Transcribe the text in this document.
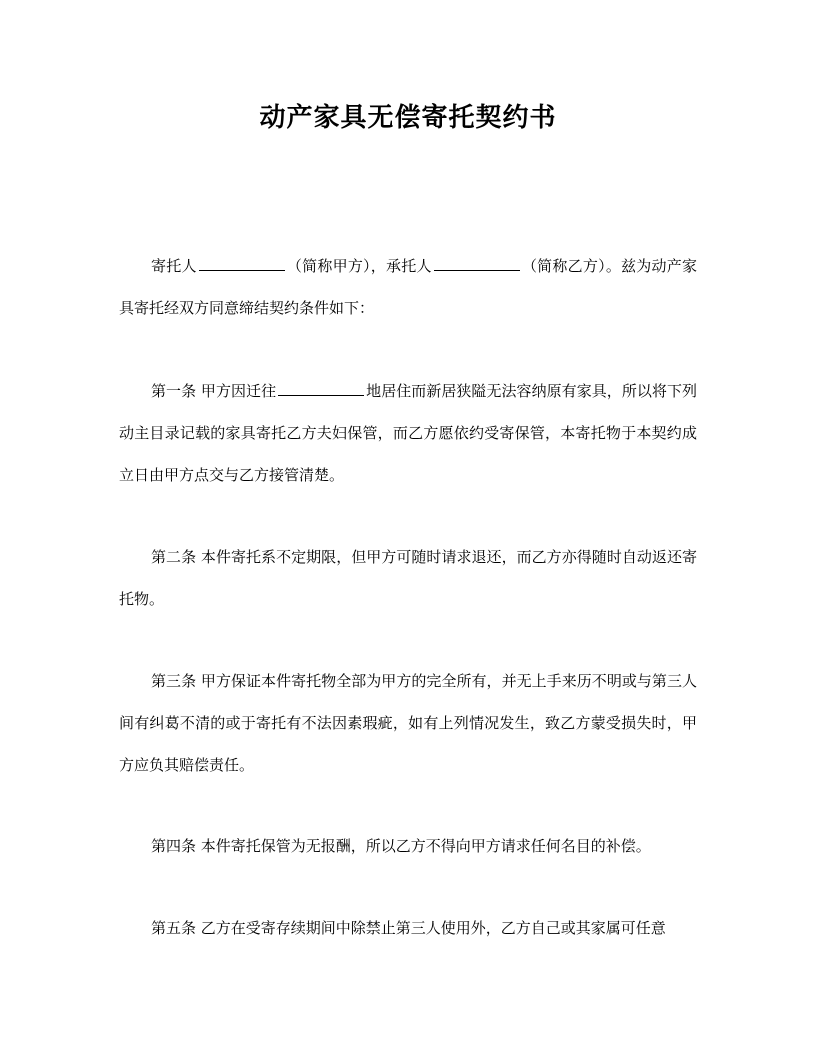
动产家具无偿寄托契约书

寄托人	（简称甲方），承托人	（简称乙方）。兹为动产家具寄托经双方同意缔结契约条件如下：

第一条 甲方因迁往	地居住而新居狭隘无法容纳原有家具，所以将下列动主目录记载的家具寄托乙方夫妇保管，而乙方愿依约受寄保管，本寄托物于本契约成立日由甲方点交与乙方接管清楚。

第二条 本件寄托系不定期限，但甲方可随时请求退还，而乙方亦得随时自动返还寄托物。

第三条 甲方保证本件寄托物全部为甲方的完全所有，并无上手来历不明或与第三人间有纠葛不清的或于寄托有不法因素瑕疵，如有上列情况发生，致乙方蒙受损失时，甲方应负其赔偿责任。

第四条 本件寄托保管为无报酬，所以乙方不得向甲方请求任何名目的补偿。

第五条 乙方在受寄存续期间中除禁止第三人使用外，乙方自己或其家属可任意
